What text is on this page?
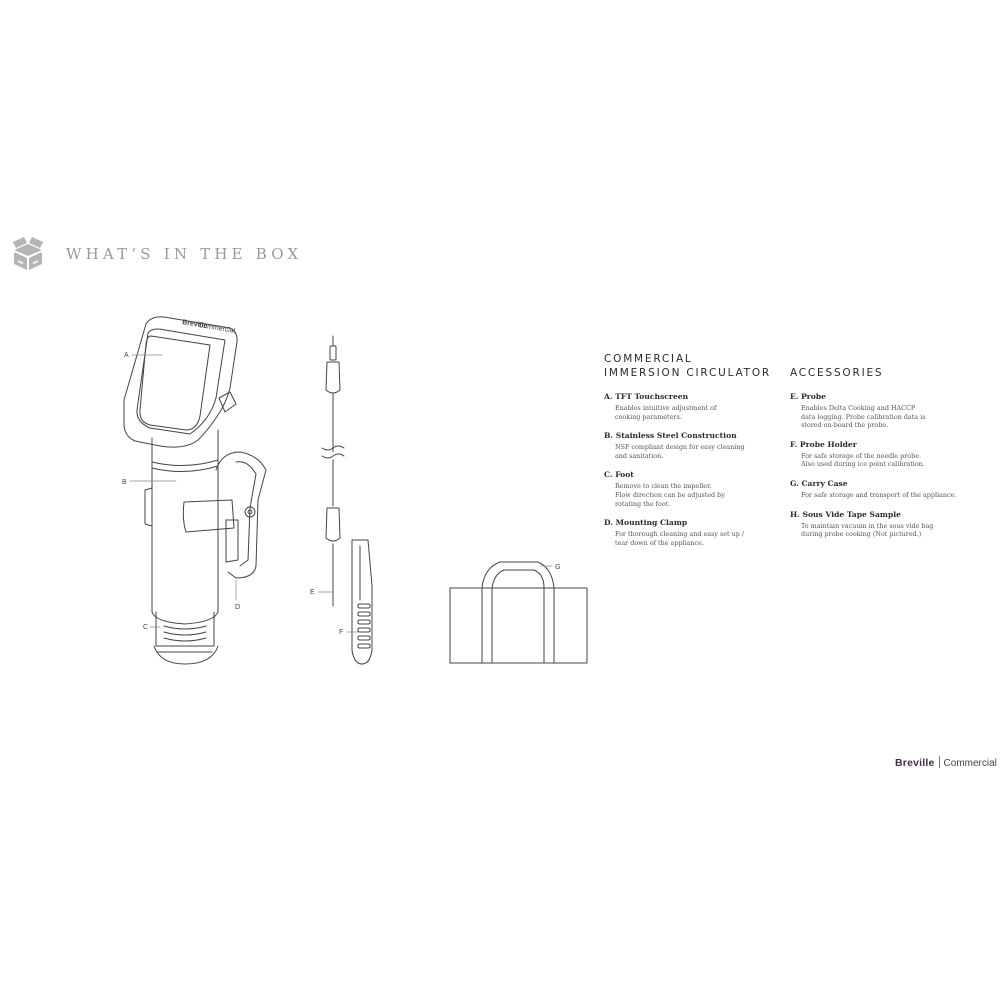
WHAT’S IN THE BOX
Breville
Commercial
A
B
C
D
E
F
G
COMMERCIAL
IMMERSION CIRCULATOR
A. TFT Touchscreen
Enables intuitive adjustment of
cooking parameters.
B. Stainless Steel Construction
NSF compliant design for easy cleaning
and sanitation.
C. Foot
Remove to clean the impeller.
Flow direction can be adjusted by
rotating the foot.
D. Mounting Clamp
For thorough cleaning and easy set up /
tear down of the appliance.
ACCESSORIES
E. Probe
Enables Delta Cooking and HACCP
data logging. Probe calibration data is
stored on-board the probe.
F. Probe Holder
For safe storage of the needle probe.
Also used during ice point calibration.
G. Carry Case
For safe storage and transport of the appliance.
H. Sous Vide Tape Sample
To maintain vacuum in the sous vide bag
during probe cooking (Not pictured.)
Breville Commercial
